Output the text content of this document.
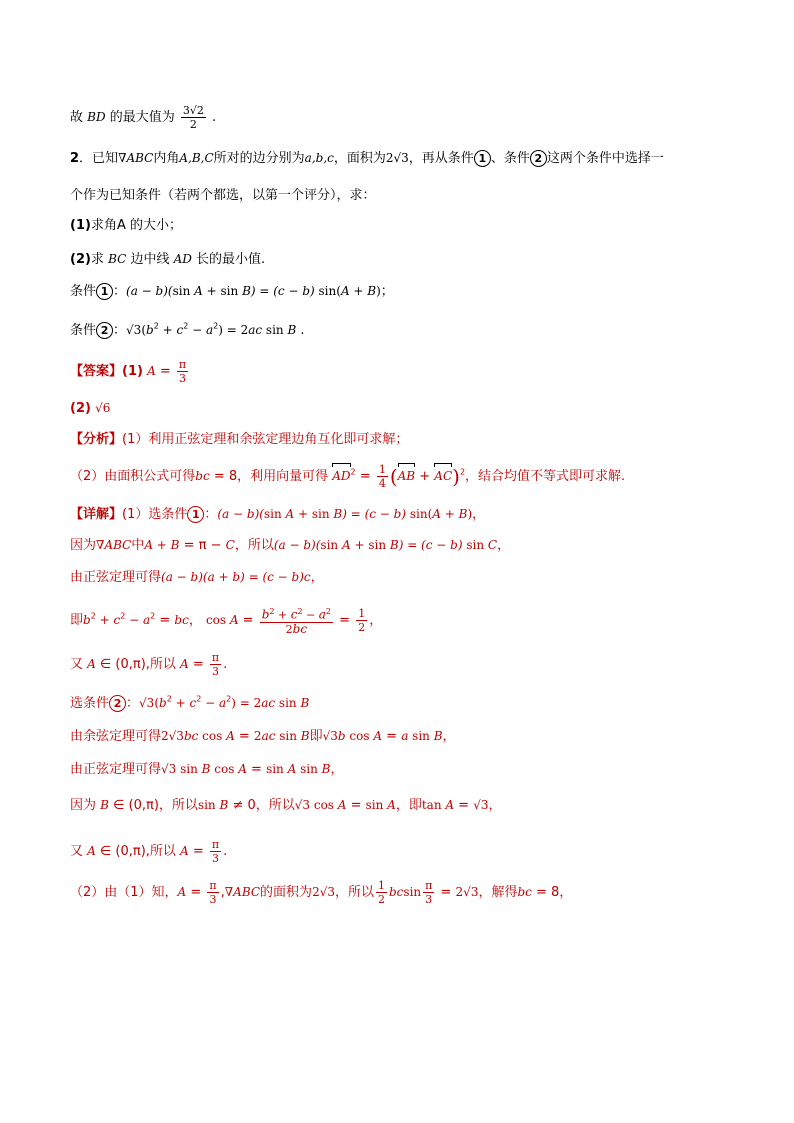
故 BD 的最大值为 $\frac{3√2}{2}$ .
2．已知∇ABC内角A,B,C所对的边分别为a,b,c，面积为2√3，再从条件 1 、条件 2 这两个条件中选择一
个作为已知条件（若两个都选，以第一个评分），求：
(1)求角A 的大小；
(2)求 BC 边中线 AD 长的最小值.
条件 1 ：(a − b)(sin A + sin B) = (c − b) sin(A + B)；
条件 2 ：$√3(b^2 + c^2 - a^2) = 2ac$ sin B .
【答案】(1) $A = \frac{\pi}{3}$
(2) √6
【分析】(1）利用正弦定理和余弦定理边角互化即可求解；
（2）由面积公式可得bc = 8，利用向量可得 $AD^2 = \frac{1}{4} (AB + AC)^2$，结合均值不等式即可求解.
【详解】(1）选条件 1 ：(a − b)(sin A + sin B) = (c − b) sin(A + B)，
因为∇ABC中A + B = π − C，所以(a − b)(sin A + sin B) = (c − b) sin C，
由正弦定理可得(a − b)(a + b) = (c − b)c，
即$b^2 + c^2 - a^2$ = bc， $\cos A = \frac{b^2 + c^2 - a^2}{2bc} = \frac{1}{2}$ ，
又 A ∈ (0,π),所以 $A = \frac{\pi}{3}$ .
选条件 2 ：$√3(b^2 + c^2 - a^2) = 2ac$ sin B
由余弦定理可得2√3bc cos A = 2ac sin B即√3b cos A = a sin B，
由正弦定理可得√3 sin B cos A = sin A sin B，
因为 B ∈ (0,π)，所以sin B ≠ 0，所以√3 cos A = sin A，即tan A = √3，
又 A ∈ (0,π),所以 $A = \frac{\pi}{3}$ .
（2）由（1）知，$A = \frac{\pi}{3} ,\nabla ABC$的面积为2√3，所以 $\frac{1}{2}$ bcsin $\frac{\pi}{3} = 2√3$，解得bc = 8，
